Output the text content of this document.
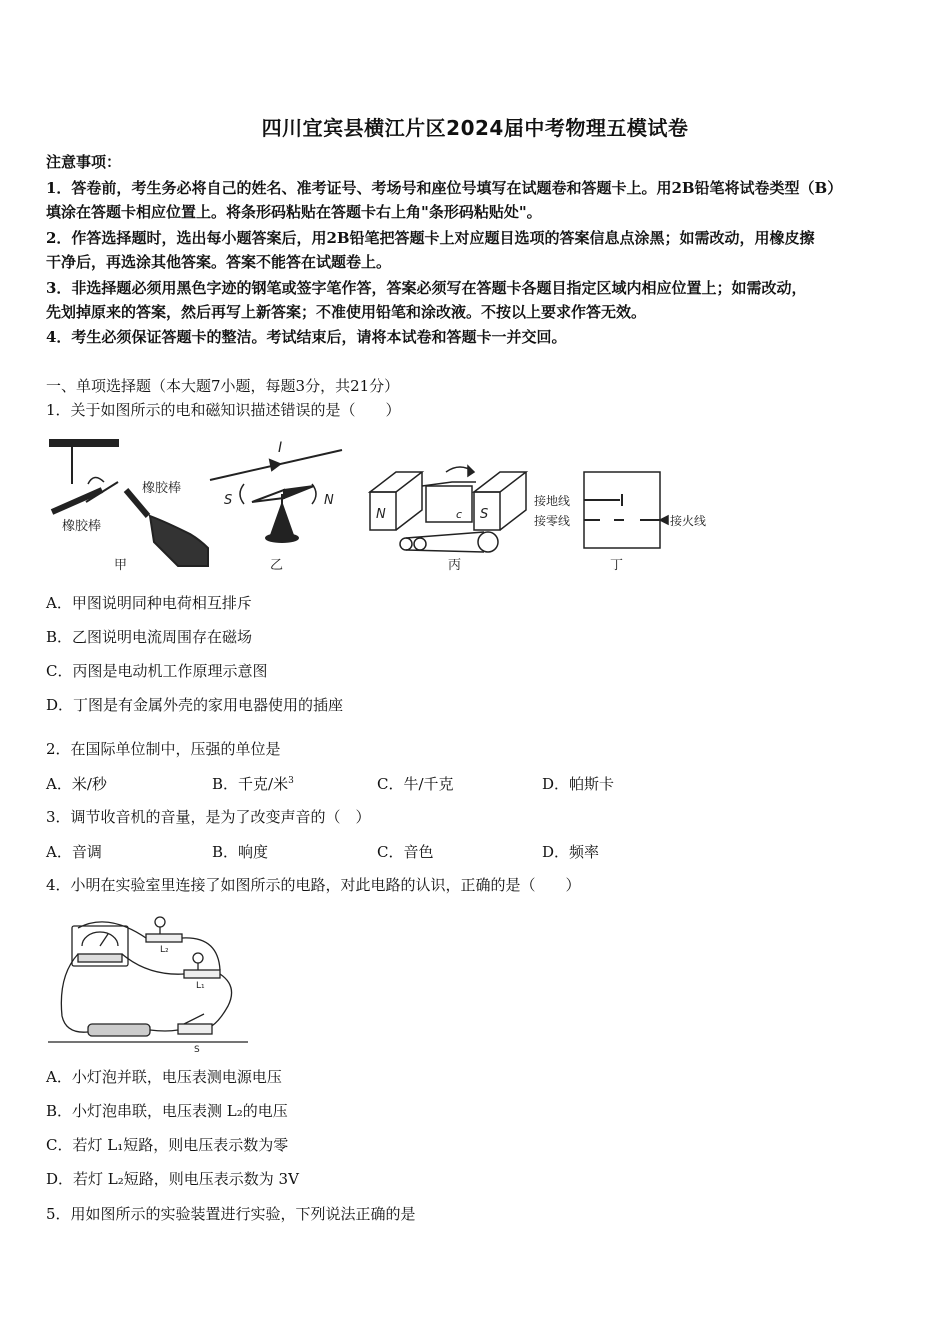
四川宜宾县横江片区2024届中考物理五模试卷
注意事项：
1．答卷前，考生务必将自己的姓名、准考证号、考场号和座位号填写在试题卷和答题卡上。用2B铅笔将试卷类型（B）
填涂在答题卡相应位置上。将条形码粘贴在答题卡右上角"条形码粘贴处"。
2．作答选择题时，选出每小题答案后，用2B铅笔把答题卡上对应题目选项的答案信息点涂黑；如需改动，用橡皮擦
干净后，再选涂其他答案。答案不能答在试题卷上。
3．非选择题必须用黑色字迹的钢笔或签字笔作答，答案必须写在答题卡各题目指定区域内相应位置上；如需改动，
先划掉原来的答案，然后再写上新答案；不准使用铅笔和涂改液。不按以上要求作答无效。
4．考生必须保证答题卡的整洁。考试结束后，请将本试卷和答题卡一并交回。
一、单项选择题（本大题7小题，每题3分，共21分）
1．关于如图所示的电和磁知识描述错误的是（　　）
橡胶棒
橡胶棒
甲
I
S	N
乙
N	S
c
丙
接地线
接零线	接火线
丁
A．甲图说明同种电荷相互排斥
B．乙图说明电流周围存在磁场
C．丙图是电动机工作原理示意图
D．丁图是有金属外壳的家用电器使用的插座
2．在国际单位制中，压强的单位是
A．米/秒	B．千克/米$^3$	C．牛/千克	D．帕斯卡
3．调节收音机的音量，是为了改变声音的（　）
A．音调	B．响度	C．音色	D．频率
4．小明在实验室里连接了如图所示的电路，对此电路的认识，正确的是（　　）
L₂
L₁
S
A．小灯泡并联，电压表测电源电压
B．小灯泡串联，电压表测 L₂的电压
C．若灯 L₁短路，则电压表示数为零
D．若灯 L₂短路，则电压表示数为 3V
5．用如图所示的实验装置进行实验，下列说法正确的是
